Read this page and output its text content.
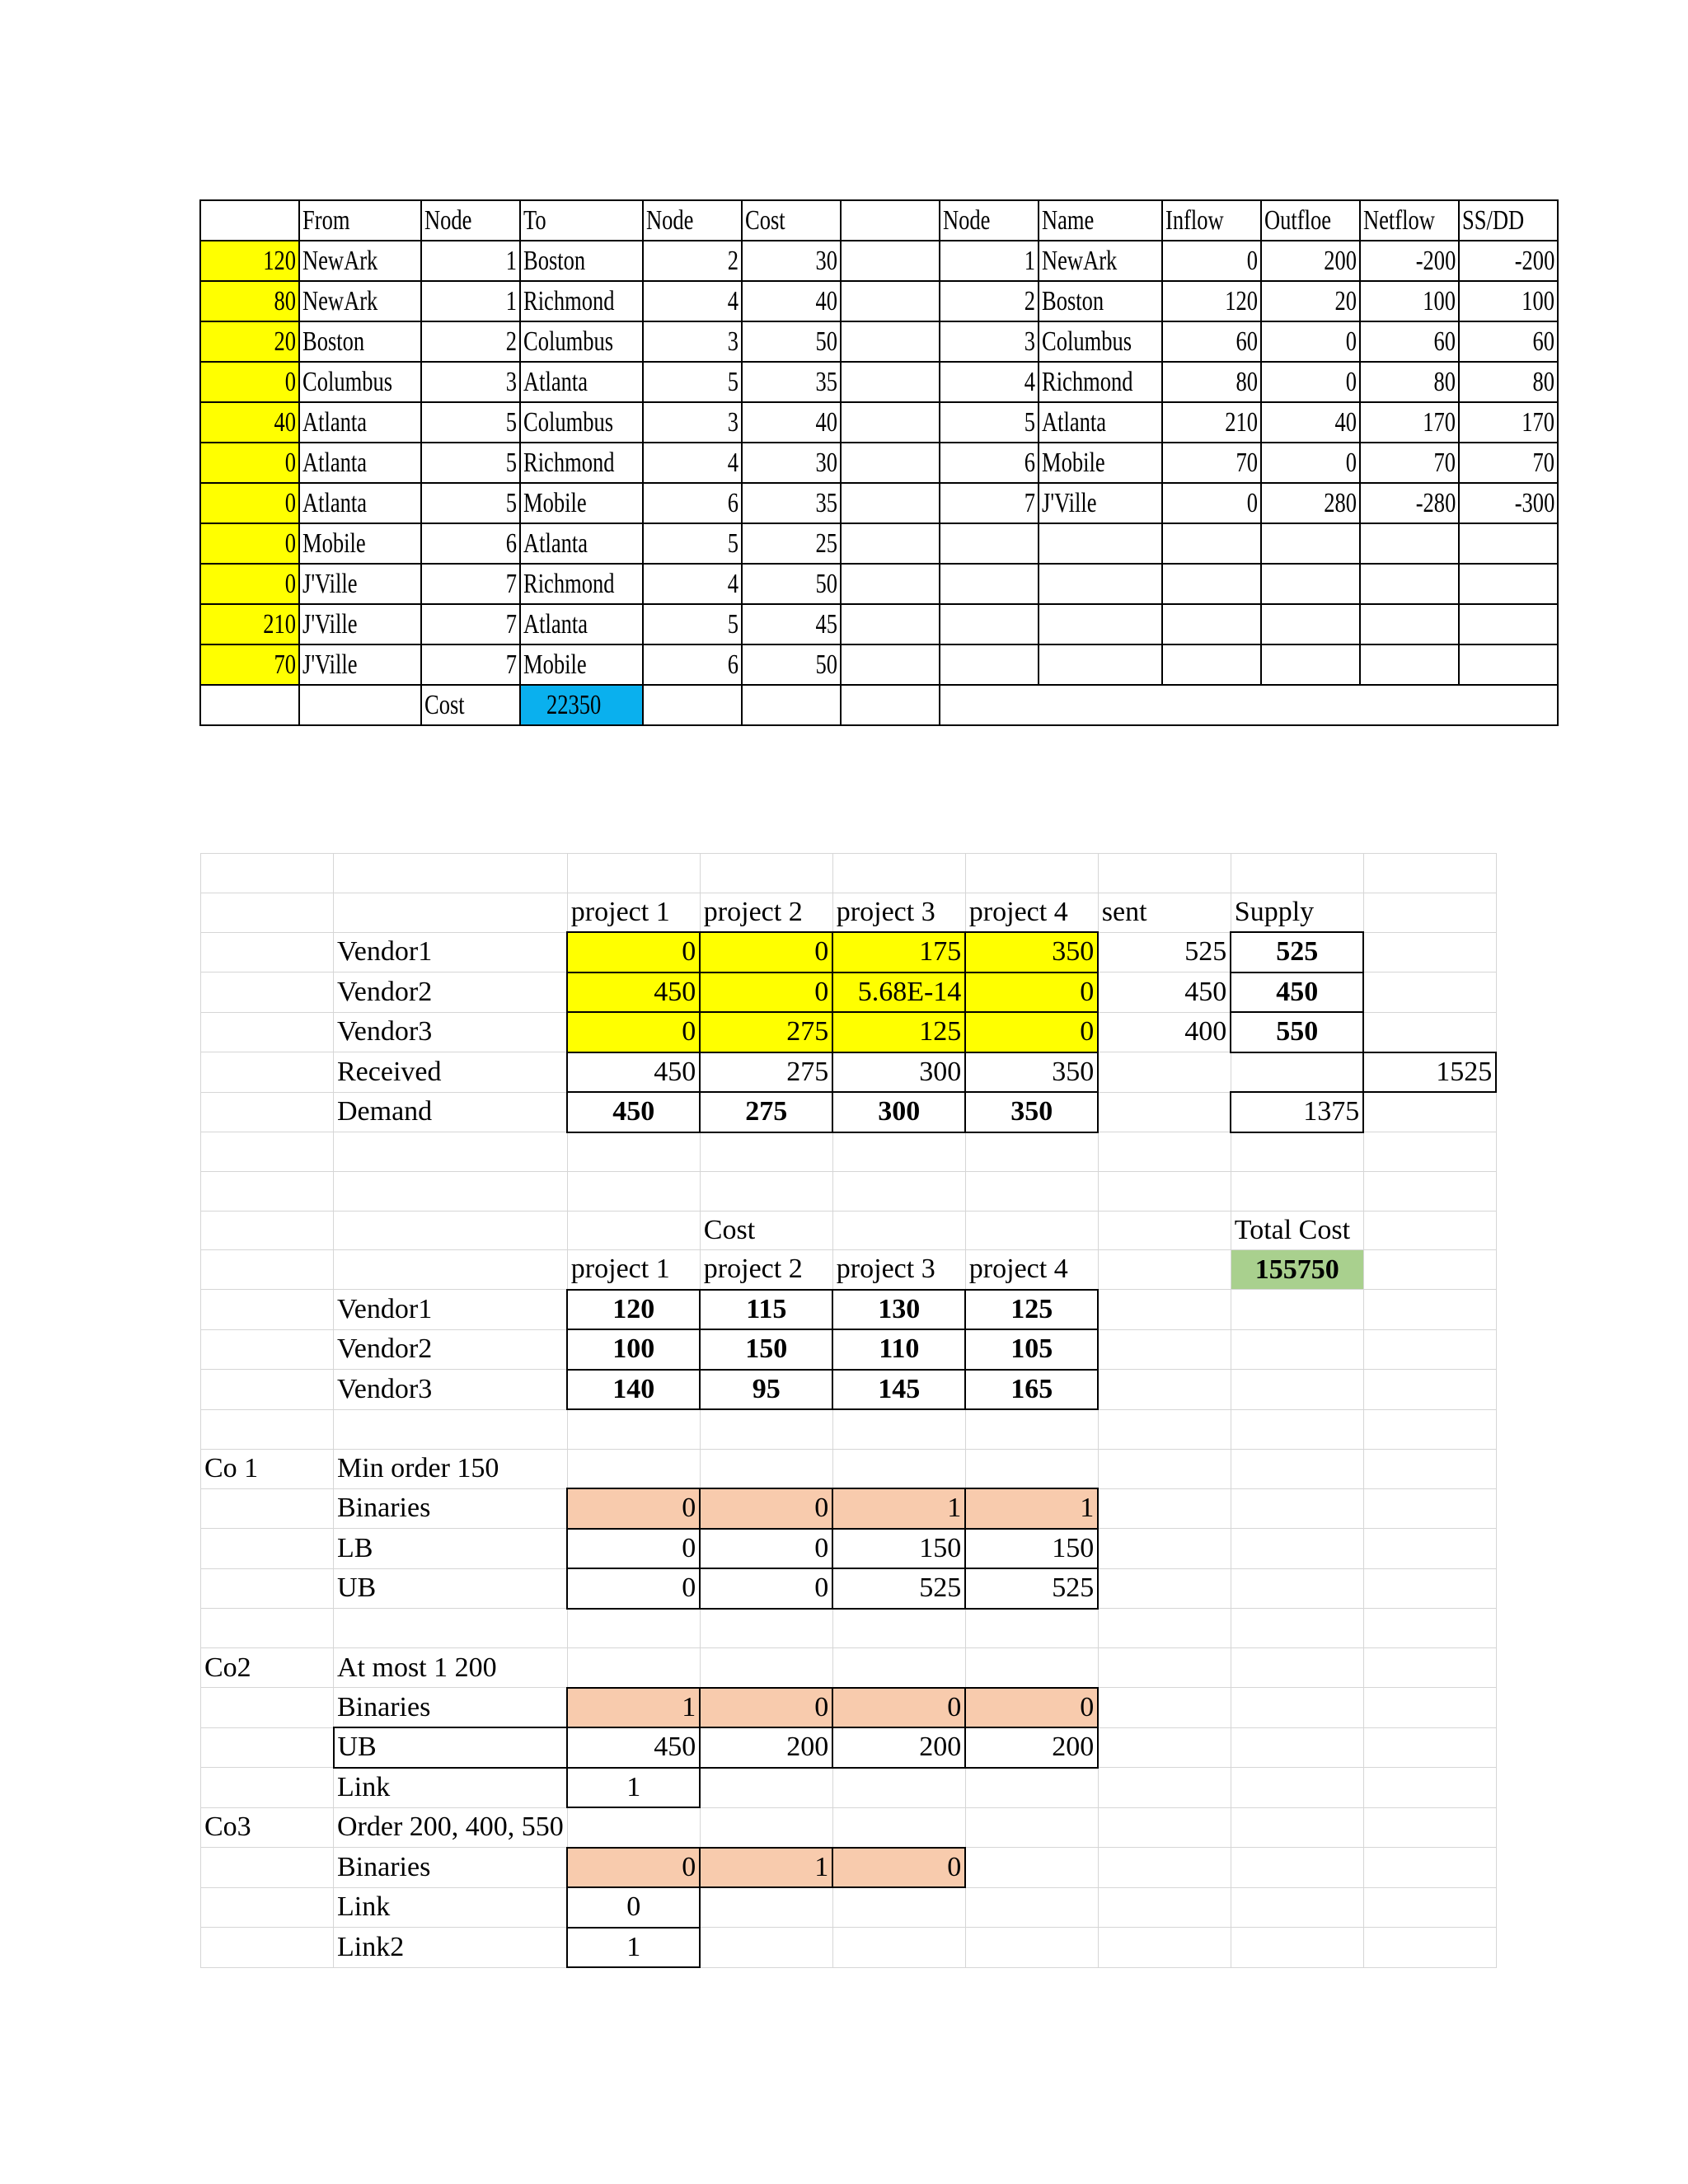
	From	Node	To	Node	Cost		Node	Name	Inflow	Outfloe	Netflow	SS/DD
120	NewArk	1	Boston	2	30		1	NewArk	0	200	-200	-200
80	NewArk	1	Richmond	4	40		2	Boston	120	20	100	100
20	Boston	2	Columbus	3	50		3	Columbus	60	0	60	60
0	Columbus	3	Atlanta	5	35		4	Richmond	80	0	80	80
40	Atlanta	5	Columbus	3	40		5	Atlanta	210	40	170	170
0	Atlanta	5	Richmond	4	30		6	Mobile	70	0	70	70
0	Atlanta	5	Mobile	6	35		7	J'Ville	0	280	-280	-300
0	Mobile	6	Atlanta	5	25							
0	J'Ville	7	Richmond	4	50							
210	J'Ville	7	Atlanta	5	45							
70	J'Ville	7	Mobile	6	50							
		Cost	22350									

		project 1	project 2	project 3	project 4	sent	Supply	
	Vendor1	0	0	175	350	525	525	
	Vendor2	450	0	5.68E-14	0	450	450	
	Vendor3	0	275	125	0	400	550	
	Received	450	275	300	350			1525
	Demand	450	275	300	350		1375	

			Cost				Total Cost	
		project 1	project 2	project 3	project 4		155750	
	Vendor1	120	115	130	125			
	Vendor2	100	150	110	105			
	Vendor3	140	95	145	165			

Co 1	Min order 150							
	Binaries	0	0	1	1			
	LB	0	0	150	150			
	UB	0	0	525	525			

Co2	At most 1 200							
	Binaries	1	0	0	0			
	UB	450	200	200	200			
	Link	1						
Co3	Order 200, 400, 550							
	Binaries	0	1	0				
	Link	0						
	Link2	1						
